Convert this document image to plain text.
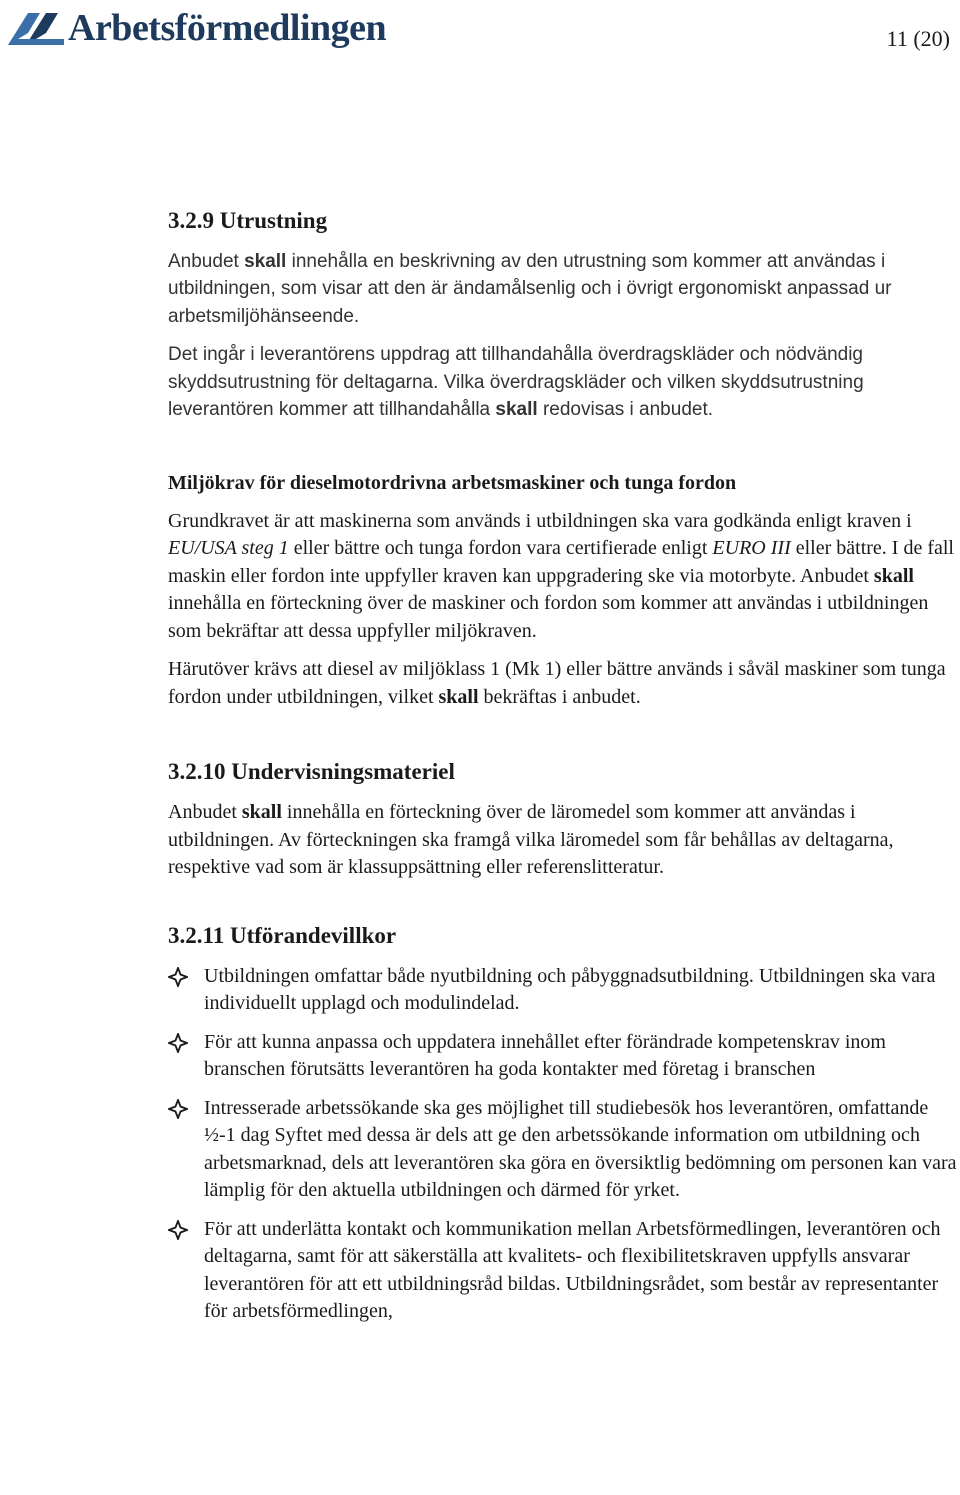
Arbetsförmedlingen	11 (20)
3.2.9 Utrustning

Anbudet skall innehålla en beskrivning av den utrustning som kommer att användas i utbildningen, som visar att den är ändamålsenlig och i övrigt ergonomiskt anpassad ur arbetsmiljöhänseende.

Det ingår i leverantörens uppdrag att tillhandahålla överdragskläder och nödvändig skyddsutrustning för deltagarna. Vilka överdragskläder och vilken skyddsutrustning leverantören kommer att tillhandahålla skall redovisas i anbudet.

Miljökrav för dieselmotordrivna arbetsmaskiner och tunga fordon

Grundkravet är att maskinerna som används i utbildningen ska vara godkända enligt kraven i EU/USA steg 1 eller bättre och tunga fordon vara certifierade enligt EURO III eller bättre. I de fall maskin eller fordon inte uppfyller kraven kan uppgradering ske via motorbyte. Anbudet skall innehålla en förteckning över de maskiner och fordon som kommer att användas i utbildningen som bekräftar att dessa uppfyller miljökraven.

Härutöver krävs att diesel av miljöklass 1 (Mk 1) eller bättre används i såväl maskiner som tunga fordon under utbildningen, vilket skall bekräftas i anbudet.

3.2.10 Undervisningsmateriel

Anbudet skall innehålla en förteckning över de läromedel som kommer att användas i utbildningen. Av förteckningen ska framgå vilka läromedel som får behållas av deltagarna, respektive vad som är klassuppsättning eller referenslitteratur.

3.2.11 Utförandevillkor
Utbildningen omfattar både nyutbildning och påbyggnadsutbildning. Utbildningen ska vara individuellt upplagd och modulindelad.
För att kunna anpassa och uppdatera innehållet efter förändrade kompetenskrav inom branschen förutsätts leverantören ha goda kontakter med företag i branschen
Intresserade arbetssökande ska ges möjlighet till studiebesök hos leverantören, omfattande ½-1 dag Syftet med dessa är dels att ge den arbetssökande information om utbildning och arbetsmarknad, dels att leverantören ska göra en översiktlig bedömning om personen kan vara lämplig för den aktuella utbildningen och därmed för yrket.
För att underlätta kontakt och kommunikation mellan Arbetsförmedlingen, leverantören och deltagarna, samt för att säkerställa att kvalitets- och flexibilitetskraven uppfylls ansvarar leverantören för att ett utbildningsråd bildas. Utbildningsrådet, som består av representanter för arbetsförmedlingen,
